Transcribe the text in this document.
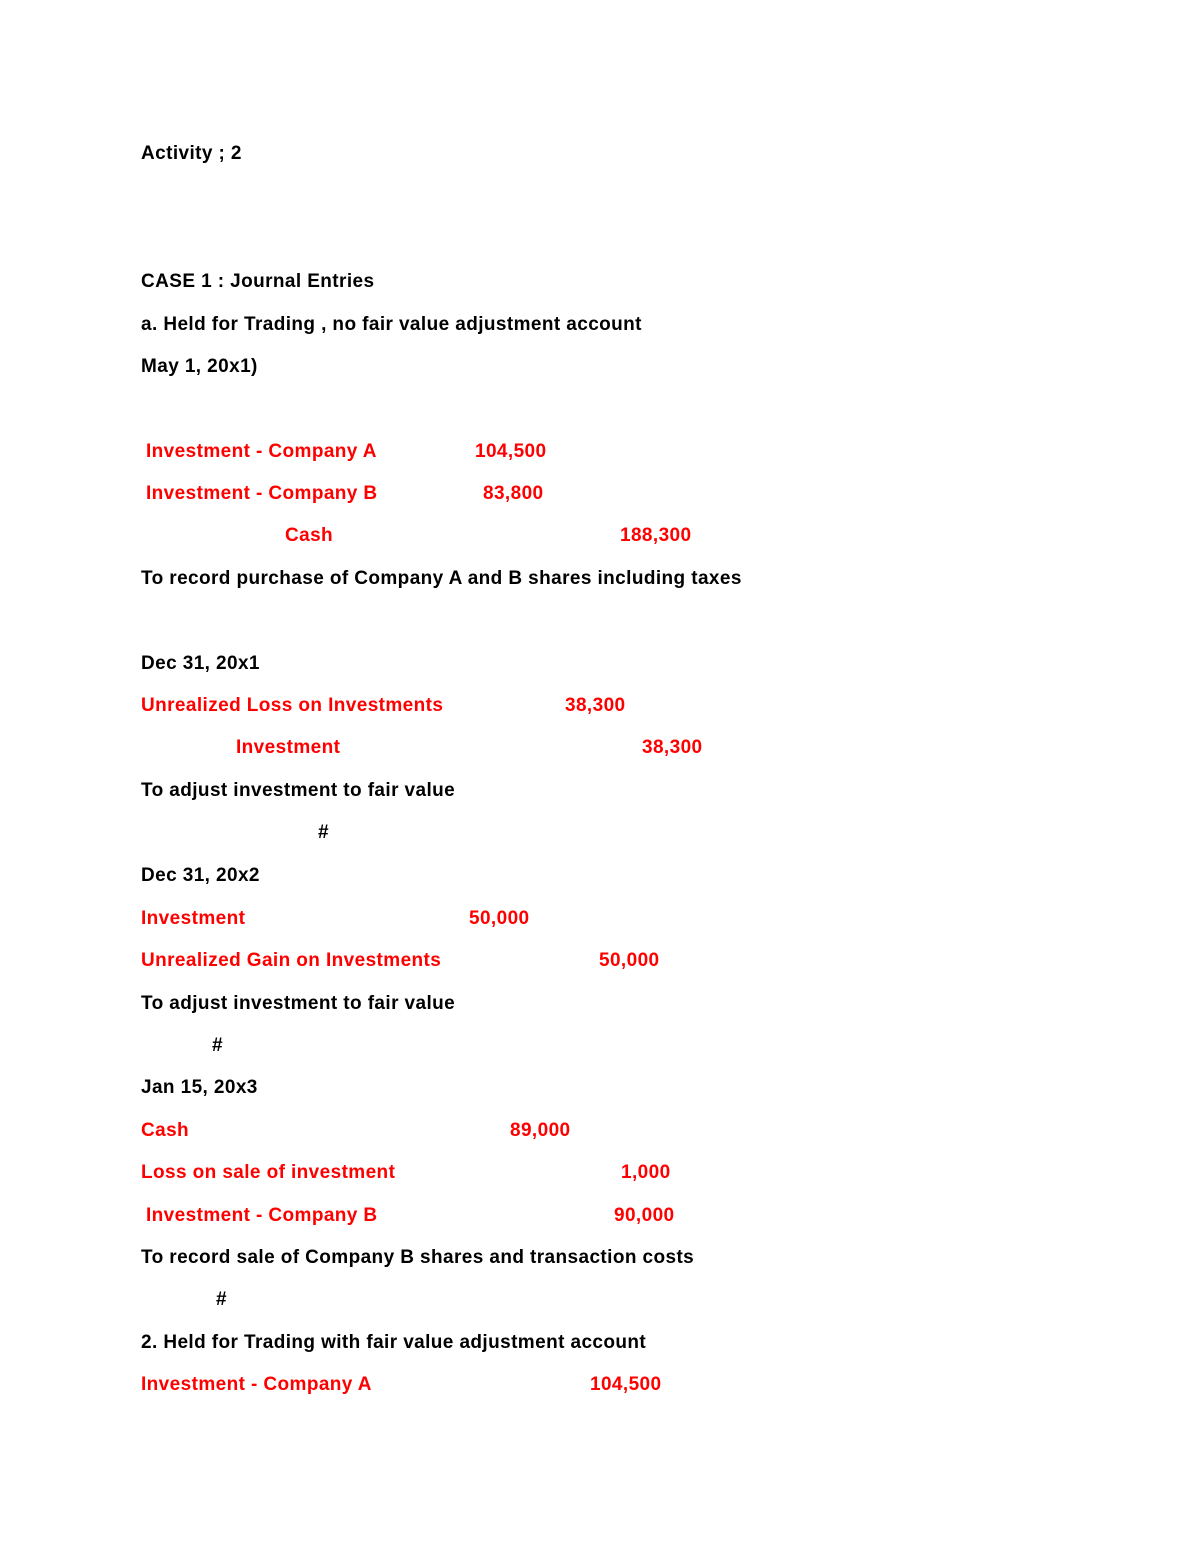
Activity ; 2
CASE 1 : Journal Entries
a. Held for Trading , no fair value adjustment account
May 1, 20x1)
Investment - Company A	104,500
Investment - Company B	83,800
Cash	188,300
To record purchase of Company A and B shares including taxes
Dec 31, 20x1
Unrealized Loss on Investments	38,300
Investment	38,300
To adjust investment to fair value
#
Dec 31, 20x2
Investment	50,000
Unrealized Gain on Investments	50,000
To adjust investment to fair value
#
Jan 15, 20x3
Cash	89,000
Loss on sale of investment	1,000
Investment - Company B	90,000
To record sale of Company B shares and transaction costs
#
2. Held for Trading with fair value adjustment account
Investment - Company A	104,500
